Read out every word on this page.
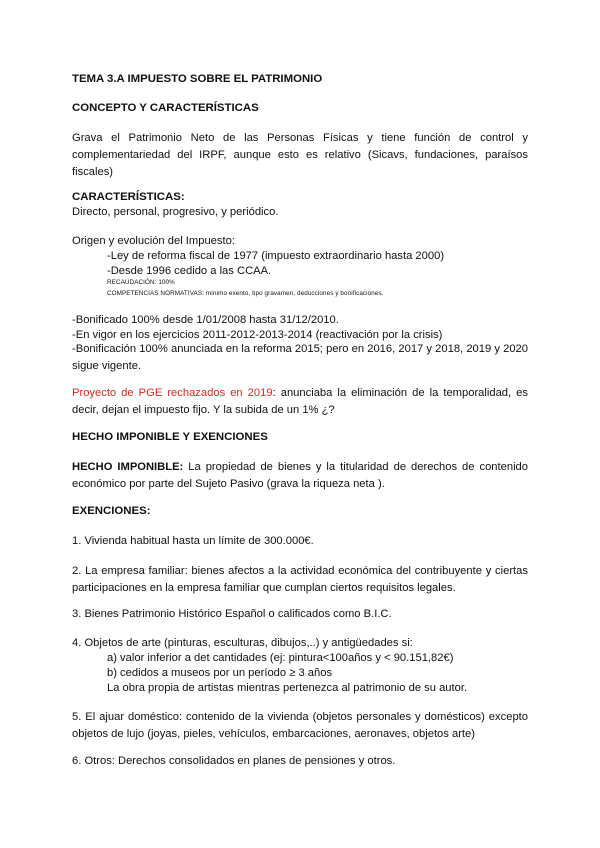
TEMA 3.A IMPUESTO SOBRE EL PATRIMONIO
CONCEPTO Y CARACTERÍSTICAS
Grava el Patrimonio Neto de las Personas Físicas y tiene función de control y complementariedad del IRPF, aunque esto es relativo (Sicavs, fundaciones, paraísos fiscales)
CARACTERÍSTICAS:
Directo, personal, progresivo, y periódico.
Origen y evolución del Impuesto:
-Ley de reforma fiscal de 1977 (impuesto extraordinario hasta 2000)
-Desde 1996 cedido a las CCAA.
RECAUDACIÓN: 100%
COMPETENCIAS NORMATIVAS: mínimo exento, tipo gravamen, deducciones y bonificaciones.
-Bonificado 100% desde 1/01/2008 hasta 31/12/2010.
-En vigor en los ejercicios 2011-2012-2013-2014 (reactivación por la crisis)
-Bonificación 100% anunciada en la reforma 2015; pero en 2016, 2017 y 2018, 2019 y 2020 sigue vigente.
Proyecto de PGE rechazados en 2019: anunciaba la eliminación de la temporalidad, es decir, dejan el impuesto fijo. Y la subida de un 1% ¿?
HECHO IMPONIBLE Y EXENCIONES
HECHO IMPONIBLE: La propiedad de bienes y la titularidad de derechos de contenido económico por parte del Sujeto Pasivo (grava la riqueza neta ).
EXENCIONES:
1. Vivienda habitual hasta un límite de 300.000€.
2. La empresa familiar: bienes afectos a la actividad económica del contribuyente y ciertas participaciones en la empresa familiar que cumplan ciertos requisitos legales.
3. Bienes Patrimonio Histórico Español o calificados como B.I.C.
4. Objetos de arte (pinturas, esculturas, dibujos,..) y antigüedades si:
a) valor inferior a det cantidades (ej: pintura<100años y < 90.151,82€)
b) cedidos a museos por un período ≥ 3 años
La obra propia de artistas mientras pertenezca al patrimonio de su autor.
5. El ajuar doméstico: contenido de la vivienda (objetos personales y domésticos) excepto objetos de lujo (joyas, pieles, vehículos, embarcaciones, aeronaves, objetos arte)
6. Otros: Derechos consolidados en planes de pensiones y otros.
